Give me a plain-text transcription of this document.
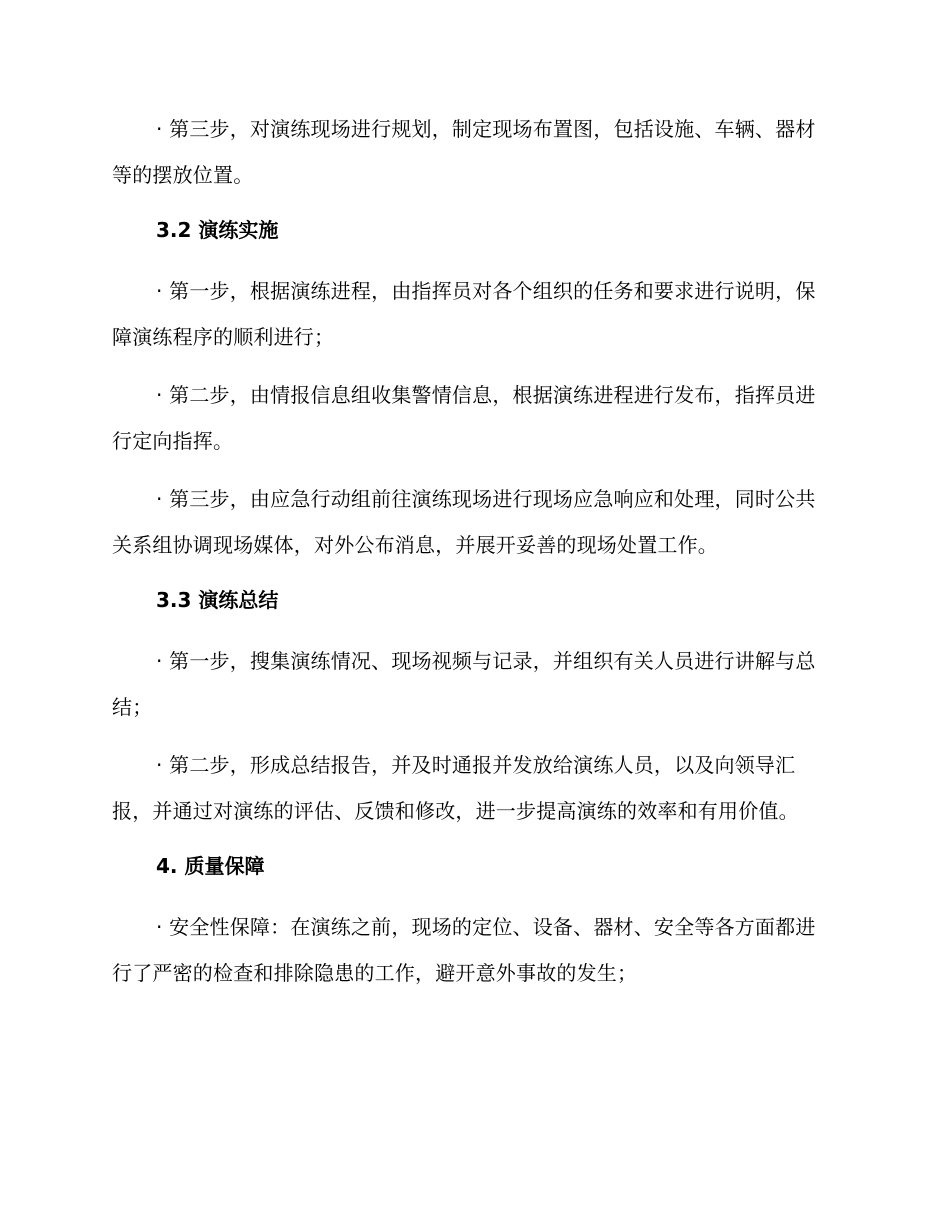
· 第三步，对演练现场进行规划，制定现场布置图，包括设施、车辆、器材等的摆放位置。

3.2 演练实施

· 第一步，根据演练进程，由指挥员对各个组织的任务和要求进行说明，保障演练程序的顺利进行；

· 第二步，由情报信息组收集警情信息，根据演练进程进行发布，指挥员进行定向指挥。

· 第三步，由应急行动组前往演练现场进行现场应急响应和处理，同时公共关系组协调现场媒体，对外公布消息，并展开妥善的现场处置工作。

3.3 演练总结

· 第一步，搜集演练情况、现场视频与记录，并组织有关人员进行讲解与总结；

· 第二步，形成总结报告，并及时通报并发放给演练人员，以及向领导汇报，并通过对演练的评估、反馈和修改，进一步提高演练的效率和有用价值。

4. 质量保障

· 安全性保障：在演练之前，现场的定位、设备、器材、安全等各方面都进行了严密的检查和排除隐患的工作，避开意外事故的发生；
